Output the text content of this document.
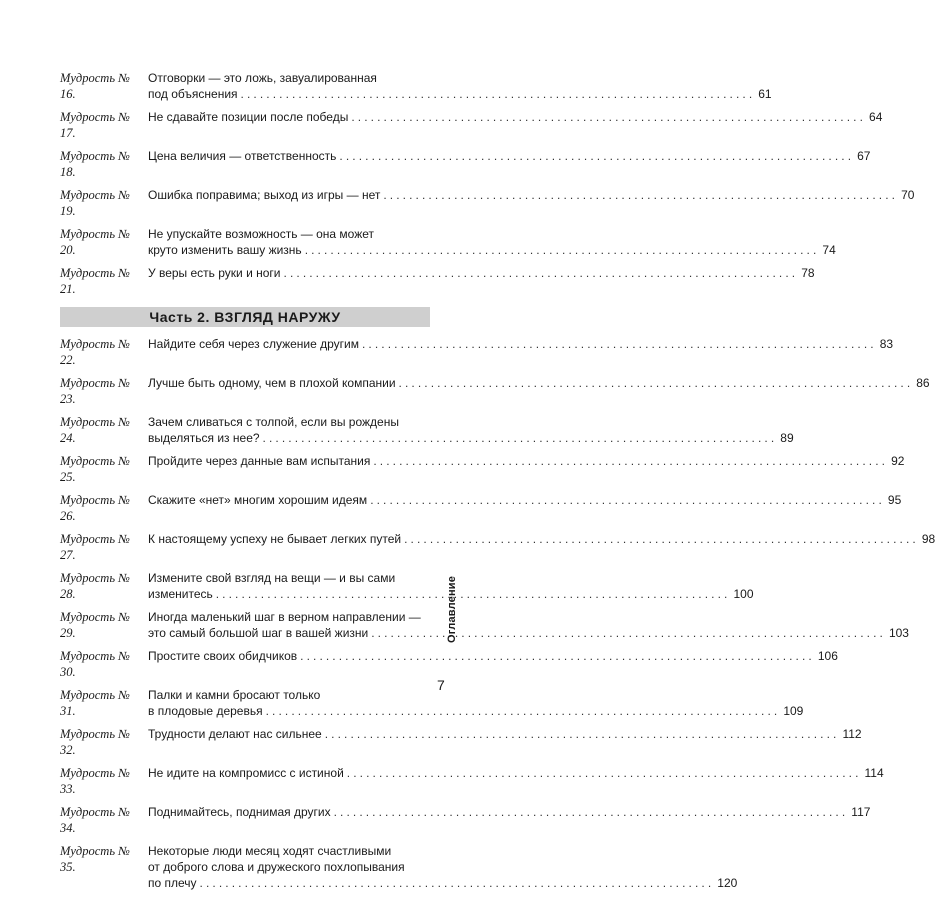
Мудрость № 16.
Отговорки — это ложь, завуалированная
под объяснения ................................................................................ 61
Мудрость № 17.
Не сдавайте позиции после победы ................................................................................ 64
Мудрость № 18.
Цена величия — ответственность ................................................................................ 67
Мудрость № 19.
Ошибка поправима; выход из игры — нет ................................................................................ 70
Мудрость № 20.
Не упускайте возможность — она может
круто изменить вашу жизнь ................................................................................ 74
Мудрость № 21.
У веры есть руки и ноги ................................................................................ 78
Часть 2. ВЗГЛЯД НАРУЖУ
Мудрость № 22.
Найдите себя через служение другим ................................................................................ 83
Мудрость № 23.
Лучше быть одному, чем в плохой компании ................................................................................ 86
Мудрость № 24.
Зачем сливаться с толпой, если вы рождены
выделяться из нее? ................................................................................ 89
Мудрость № 25.
Пройдите через данные вам испытания ................................................................................ 92
Мудрость № 26.
Скажите «нет» многим хорошим идеям ................................................................................ 95
Мудрость № 27.
К настоящему успеху не бывает легких путей ................................................................................ 98
Мудрость № 28.
Измените свой взгляд на вещи — и вы сами
изменитесь ................................................................................ 100
Мудрость № 29.
Иногда маленький шаг в верном направлении —
это самый большой шаг в вашей жизни ................................................................................ 103
Мудрость № 30.
Простите своих обидчиков ................................................................................ 106
Мудрость № 31.
Палки и камни бросают только
в плодовые деревья ................................................................................ 109
Мудрость № 32.
Трудности делают нас сильнее ................................................................................ 112
Мудрость № 33.
Не идите на компромисс с истиной ................................................................................ 114
Мудрость № 34.
Поднимайтесь, поднимая других ................................................................................ 117
Мудрость № 35.
Некоторые люди месяц ходят счастливыми
от доброго слова и дружеского похлопывания
по плечу ................................................................................ 120
Оглавление
7
